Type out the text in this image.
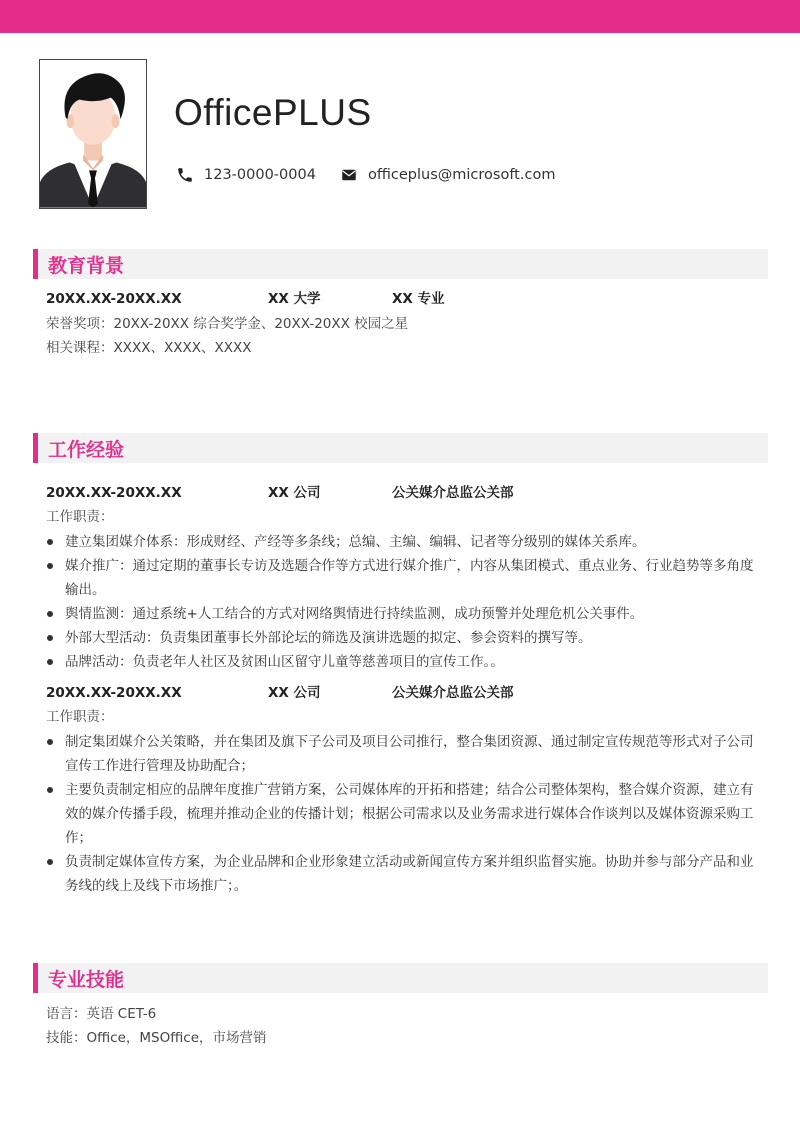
OfficePLUS
123-0000-0004	officeplus@microsoft.com
教育背景
20XX.XX-20XX.XX	XX 大学	XX 专业
荣誉奖项：20XX-20XX 综合奖学金、20XX-20XX 校园之星
相关课程：XXXX、XXXX、XXXX
工作经验
20XX.XX-20XX.XX	XX 公司	公关媒介总监公关部
工作职责：
建立集团媒介体系：形成财经、产经等多条线；总编、主编、编辑、记者等分级别的媒体关系库。
媒介推广：通过定期的董事长专访及选题合作等方式进行媒介推广，内容从集团模式、重点业务、行业趋势等多角度输出。
舆情监测：通过系统+人工结合的方式对网络舆情进行持续监测，成功预警并处理危机公关事件。
外部大型活动：负责集团董事长外部论坛的筛选及演讲选题的拟定、参会资料的撰写等。
品牌活动：负责老年人社区及贫困山区留守儿童等慈善项目的宣传工作。。
20XX.XX-20XX.XX	XX 公司	公关媒介总监公关部
工作职责：
制定集团媒介公关策略，并在集团及旗下子公司及项目公司推行，整合集团资源、通过制定宣传规范等形式对子公司宣传工作进行管理及协助配合；
主要负责制定相应的品牌年度推广营销方案，公司媒体库的开拓和搭建；结合公司整体架构，整合媒介资源，建立有效的媒介传播手段，梳理并推动企业的传播计划；根据公司需求以及业务需求进行媒体合作谈判以及媒体资源采购工作；
负责制定媒体宣传方案，为企业品牌和企业形象建立活动或新闻宣传方案并组织监督实施。协助并参与部分产品和业务线的线上及线下市场推广；。
专业技能
语言：英语 CET-6
技能：Office，MSOffice，市场营销
